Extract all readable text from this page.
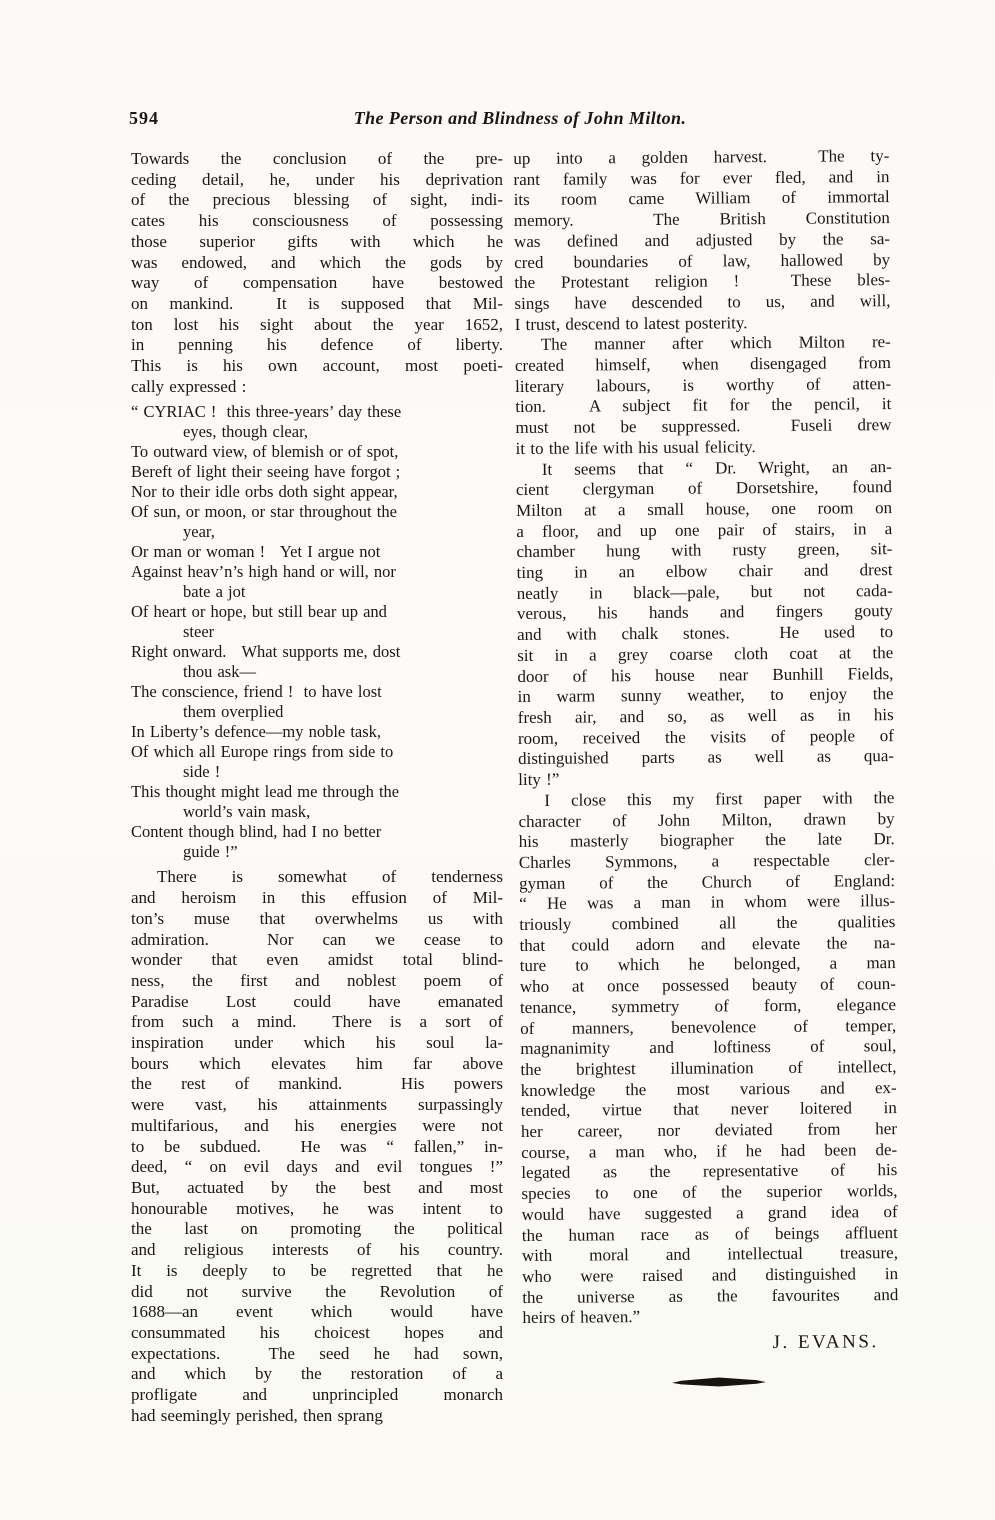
594	The Person and Blindness of John Milton.
Towards the conclusion of the pre-
ceding detail, he, under his deprivation
of the precious blessing of sight, indi-
cates his consciousness of possessing
those superior gifts with which he
was endowed, and which the gods by
way of compensation have bestowed
on mankind.  It is supposed that Mil-
ton lost his sight about the year 1652,
in penning his defence of liberty.
This is his own account, most poeti-
cally expressed :
“ CYRIAC !  this three-years’ day these
eyes, though clear,
To outward view, of blemish or of spot,
Bereft of light their seeing have forgot ;
Nor to their idle orbs doth sight appear,
Of sun, or moon, or star throughout the
year,
Or man or woman !   Yet I argue not
Against heav’n’s high hand or will, nor
bate a jot
Of heart or hope, but still bear up and
steer
Right onward.   What supports me, dost
thou ask—
The conscience, friend !  to have lost
them overplied
In Liberty’s defence—my noble task,
Of which all Europe rings from side to
side !
This thought might lead me through the
world’s vain mask,
Content though blind, had I no better
guide !”
There is somewhat of tenderness
and heroism in this effusion of Mil-
ton’s muse that overwhelms us with
admiration.  Nor can we cease to
wonder that even amidst total blind-
ness, the first and noblest poem of
Paradise Lost could have emanated
from such a mind.  There is a sort of
inspiration under which his soul la-
bours which elevates him far above
the rest of mankind.  His powers
were vast, his attainments surpassingly
multifarious, and his energies were not
to be subdued.  He was “ fallen,” in-
deed, “ on evil days and evil tongues !”
But, actuated by the best and most
honourable motives, he was intent to
the last on promoting the political
and religious interests of his country.
It is deeply to be regretted that he
did not survive the Revolution of
1688—an event which would have
consummated his choicest hopes and
expectations.  The seed he had sown,
and which by the restoration of a
profligate and unprincipled monarch
had seemingly perished, then sprang
up into a golden harvest.  The ty-
rant family was for ever fled, and in
its room came William of immortal
memory.  The British Constitution
was defined and adjusted by the sa-
cred boundaries of law, hallowed by
the Protestant religion !  These bles-
sings have descended to us, and will,
I trust, descend to latest posterity.
The manner after which Milton re-
created himself, when disengaged from
literary labours, is worthy of atten-
tion.  A subject fit for the pencil, it
must not be suppressed.  Fuseli drew
it to the life with his usual felicity.
It seems that “ Dr. Wright, an an-
cient clergyman of Dorsetshire, found
Milton at a small house, one room on
a floor, and up one pair of stairs, in a
chamber hung with rusty green, sit-
ting in an elbow chair and drest
neatly in black—pale, but not cada-
verous, his hands and fingers gouty
and with chalk stones.  He used to
sit in a grey coarse cloth coat at the
door of his house near Bunhill Fields,
in warm sunny weather, to enjoy the
fresh air, and so, as well as in his
room, received the visits of people of
distinguished parts as well as qua-
lity !”
I close this my first paper with the
character of John Milton, drawn by
his masterly biographer the late Dr.
Charles Symmons, a respectable cler-
gyman of the Church of England:
“ He was a man in whom were illus-
triously combined all the qualities
that could adorn and elevate the na-
ture to which he belonged, a man
who at once possessed beauty of coun-
tenance, symmetry of form, elegance
of manners, benevolence of temper,
magnanimity and loftiness of soul,
the brightest illumination of intellect,
knowledge the most various and ex-
tended, virtue that never loitered in
her career, nor deviated from her
course, a man who, if he had been de-
legated as the representative of his
species to one of the superior worlds,
would have suggested a grand idea of
the human race as of beings affluent
with moral and intellectual treasure,
who were raised and distinguished in
the universe as the favourites and
heirs of heaven.”
J. EVANS.
